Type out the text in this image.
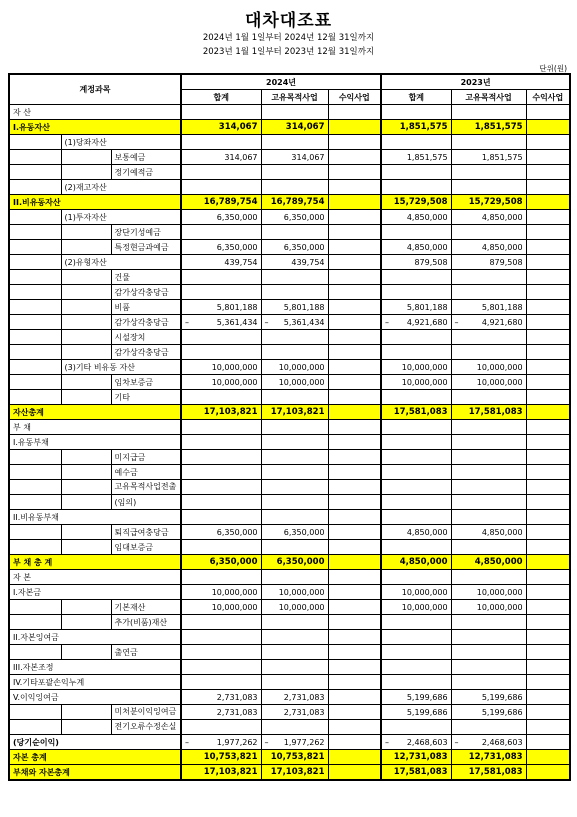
대차대조표
2024년 1월 1일부터 2024년 12월 31일까지
2023년 1월 1일부터 2023년 12월 31일까지
단위(원)
계정과목			2024년			2023년		
			합계	고유목적사업	수익사업	합계	고유목적사업	수익사업
자 산								
I.유동자산			314,067	314,067		1,851,575	1,851,575	
	(1)당좌자산							
		보통예금	314,067	314,067		1,851,575	1,851,575	
		정기예적금						
	(2)재고자산							
II.비유동자산			16,789,754	16,789,754		15,729,508	15,729,508	
	(1)투자자산		6,350,000	6,350,000		4,850,000	4,850,000	
		장단기성예금						
		특정현금과예금	6,350,000	6,350,000		4,850,000	4,850,000	
	(2)유형자산		439,754	439,754		879,508	879,508	
		건물						
		감가상각충당금						
		비품	5,801,188	5,801,188		5,801,188	5,801,188	
		감가상각충당금	– 5,361,434	– 5,361,434		– 4,921,680	– 4,921,680	

		시설장치						
		감가상각충당금						
	(3)기타 비유동 자산		10,000,000	10,000,000		10,000,000	10,000,000	
		임차보증금	10,000,000	10,000,000		10,000,000	10,000,000	
		기타						
자산총계			17,103,821	17,103,821		17,581,083	17,581,083	
부 채								
I.유동부채								
		미지급금						
		예수금						
		고유목적사업전출						
		(임의)						
II.비유동부채								
		퇴직급여충당금	6,350,000	6,350,000		4,850,000	4,850,000	
		임대보증금						
부 채 총 계			6,350,000	6,350,000		4,850,000	4,850,000	
자 본								
I.자본금			10,000,000	10,000,000		10,000,000	10,000,000	
		기본재산	10,000,000	10,000,000		10,000,000	10,000,000	
		추가(비품)재산						
II.자본잉여금								
		출연금						
III.자본조정								
IV.기타포괄손익누계								
V.이익잉여금			2,731,083	2,731,083		5,199,686	5,199,686	
		미처분이익잉여금	2,731,083	2,731,083		5,199,686	5,199,686	
		전기오류수정손실						
(당기순이익)			– 1,977,262	– 1,977,262		– 2,468,603	– 2,468,603	

자본 총계			10,753,821	10,753,821		12,731,083	12,731,083	
부채와 자본총계			17,103,821	17,103,821		17,581,083	17,581,083	
